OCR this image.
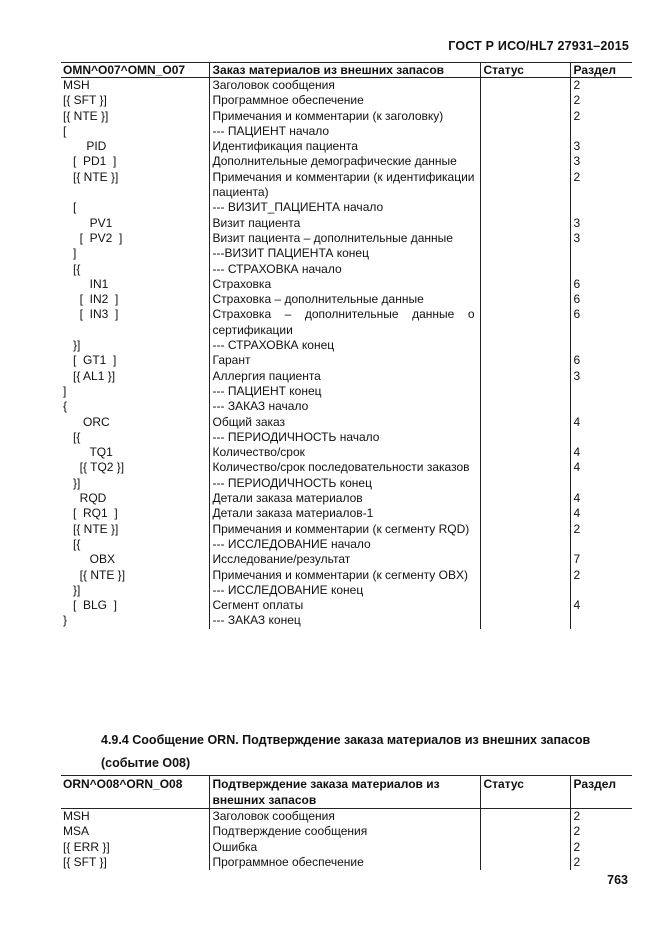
ГОСТ Р ИСО/HL7 27931–2015
OMN^O07^OMN_O07	Заказ материалов из внешних запасов	Статус	Раздел
MSH	Заголовок сообщения		2
[{ SFT }]	Программное обеспечение		2
[{ NTE }]	Примечания и комментарии (к заголовку)		2
[	--- ПАЦИЕНТ начало		
PID	Идентификация пациента		3
[  PD1  ]	Дополнительные демографические данные		3
[{ NTE }]	Примечания и комментарии (к идентификации пациента)		2
[	--- ВИЗИТ_ПАЦИЕНТА начало		
PV1	Визит пациента		3
[  PV2  ]	Визит пациента – дополнительные данные		3
]	---ВИЗИТ ПАЦИЕНТА конец		
[{	--- СТРАХОВКА начало		
IN1	Страховка		6
[  IN2  ]	Страховка – дополнительные данные		6
[  IN3  ]	Страховка – дополнительные данные о сертификации		6
}]	--- СТРАХОВКА конец		
[  GT1  ]	Гарант		6
[{ AL1 }]	Аллергия пациента		3
]	--- ПАЦИЕНТ конец		
{	--- ЗАКАЗ начало		
ORC	Общий заказ		4
[{	--- ПЕРИОДИЧНОСТЬ начало		
TQ1	Количество/срок		4
[{ TQ2 }]	Количество/срок последовательности заказов		4
}]	--- ПЕРИОДИЧНОСТЬ конец		
RQD	Детали заказа материалов		4
[  RQ1  ]	Детали заказа материалов-1		4
[{ NTE }]	Примечания и комментарии (к сегменту RQD)		2
[{	--- ИССЛЕДОВАНИЕ начало		
OBX	Исследование/результат		7
[{ NTE }]	Примечания и комментарии (к сегменту OBX)		2
}]	--- ИССЛЕДОВАНИЕ конец		
[  BLG  ]	Сегмент оплаты		4
}	--- ЗАКАЗ конец		
4.9.4 Сообщение ORN. Подтверждение заказа материалов из внешних запасов (событие O08)
ORN^O08^ORN_O08	Подтверждение заказа материалов из внешних запасов	Статус	Раздел
MSH	Заголовок сообщения		2
MSA	Подтверждение сообщения		2
[{ ERR }]	Ошибка		2
[{ SFT }]	Программное обеспечение		2
763
